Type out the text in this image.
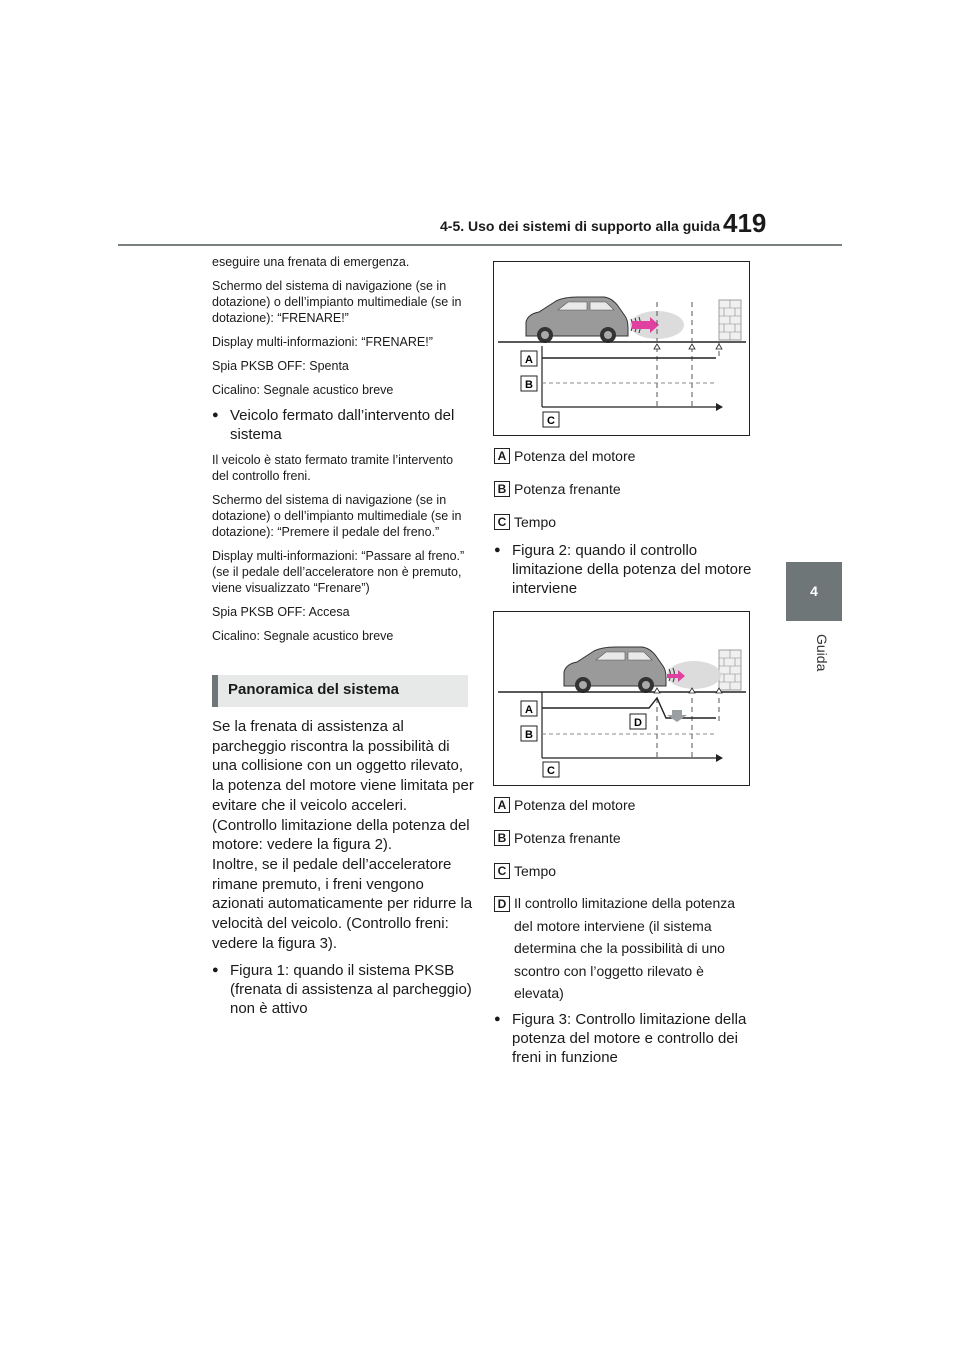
4-5. Uso dei sistemi di supporto alla guida 419
4
Guida

eseguire una frenata di emergenza.

Schermo del sistema di navigazione (se in dotazione) o dell’impianto multimediale (se in dotazione): “FRENARE!”

Display multi-informazioni: “FRENARE!”

Spia PKSB OFF: Spenta

Cicalino: Segnale acustico breve

● Veicolo fermato dall’intervento del sistema

Il veicolo è stato fermato tramite l’intervento del controllo freni.

Schermo del sistema di navigazione (se in dotazione) o dell’impianto multimediale (se in dotazione): “Premere il pedale del freno.”

Display multi-informazioni: “Passare al freno.” (se il pedale dell’acceleratore non è premuto, viene visualizzato “Frenare”)

Spia PKSB OFF: Accesa

Cicalino: Segnale acustico breve

Panoramica del sistema
Se la frenata di assistenza al parcheggio riscontra la possibilità di una collisione con un oggetto rilevato, la potenza del motore viene limitata per evitare che il veicolo acceleri. (Controllo limitazione della potenza del motore: vedere la figura 2).
Inoltre, se il pedale dell’acceleratore rimane premuto, i freni vengono azionati automaticamente per ridurre la velocità del veicolo. (Controllo freni: vedere la figura 3).

● Figura 1: quando il sistema PKSB (frenata di assistenza al parcheggio) non è attivo

A
B
C
A Potenza del motore
B Potenza frenante
C Tempo

● Figura 2: quando il controllo limitazione della potenza del motore interviene

A
B
C
D
A Potenza del motore
B Potenza frenante
C Tempo
D Il controllo limitazione della potenza del motore interviene (il sistema determina che la possibilità di uno scontro con l’oggetto rilevato è elevata)

● Figura 3: Controllo limitazione della potenza del motore e controllo dei freni in funzione
